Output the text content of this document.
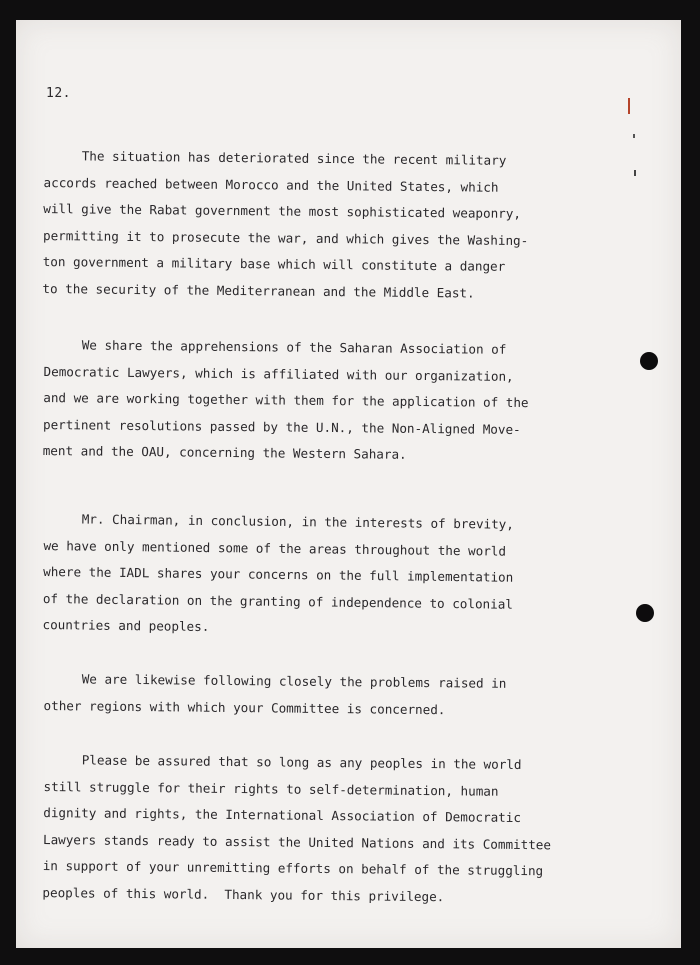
12.

The situation has deteriorated since the recent military
accords reached between Morocco and the United States, which
will give the Rabat government the most sophisticated weaponry,
permitting it to prosecute the war, and which gives the Washing-
ton government a military base which will constitute a danger
to the security of the Mediterranean and the Middle East.

We share the apprehensions of the Saharan Association of
Democratic Lawyers, which is affiliated with our organization,
and we are working together with them for the application of the
pertinent resolutions passed by the U.N., the Non-Aligned Move-
ment and the OAU, concerning the Western Sahara.

Mr. Chairman, in conclusion, in the interests of brevity,
we have only mentioned some of the areas throughout the world
where the IADL shares your concerns on the full implementation
of the declaration on the granting of independence to colonial
countries and peoples.

We are likewise following closely the problems raised in
other regions with which your Committee is concerned.

Please be assured that so long as any peoples in the world
still struggle for their rights to self-determination, human
dignity and rights, the International Association of Democratic
Lawyers stands ready to assist the United Nations and its Committee
in support of your unremitting efforts on behalf of the struggling
peoples of this world.  Thank you for this privilege.
